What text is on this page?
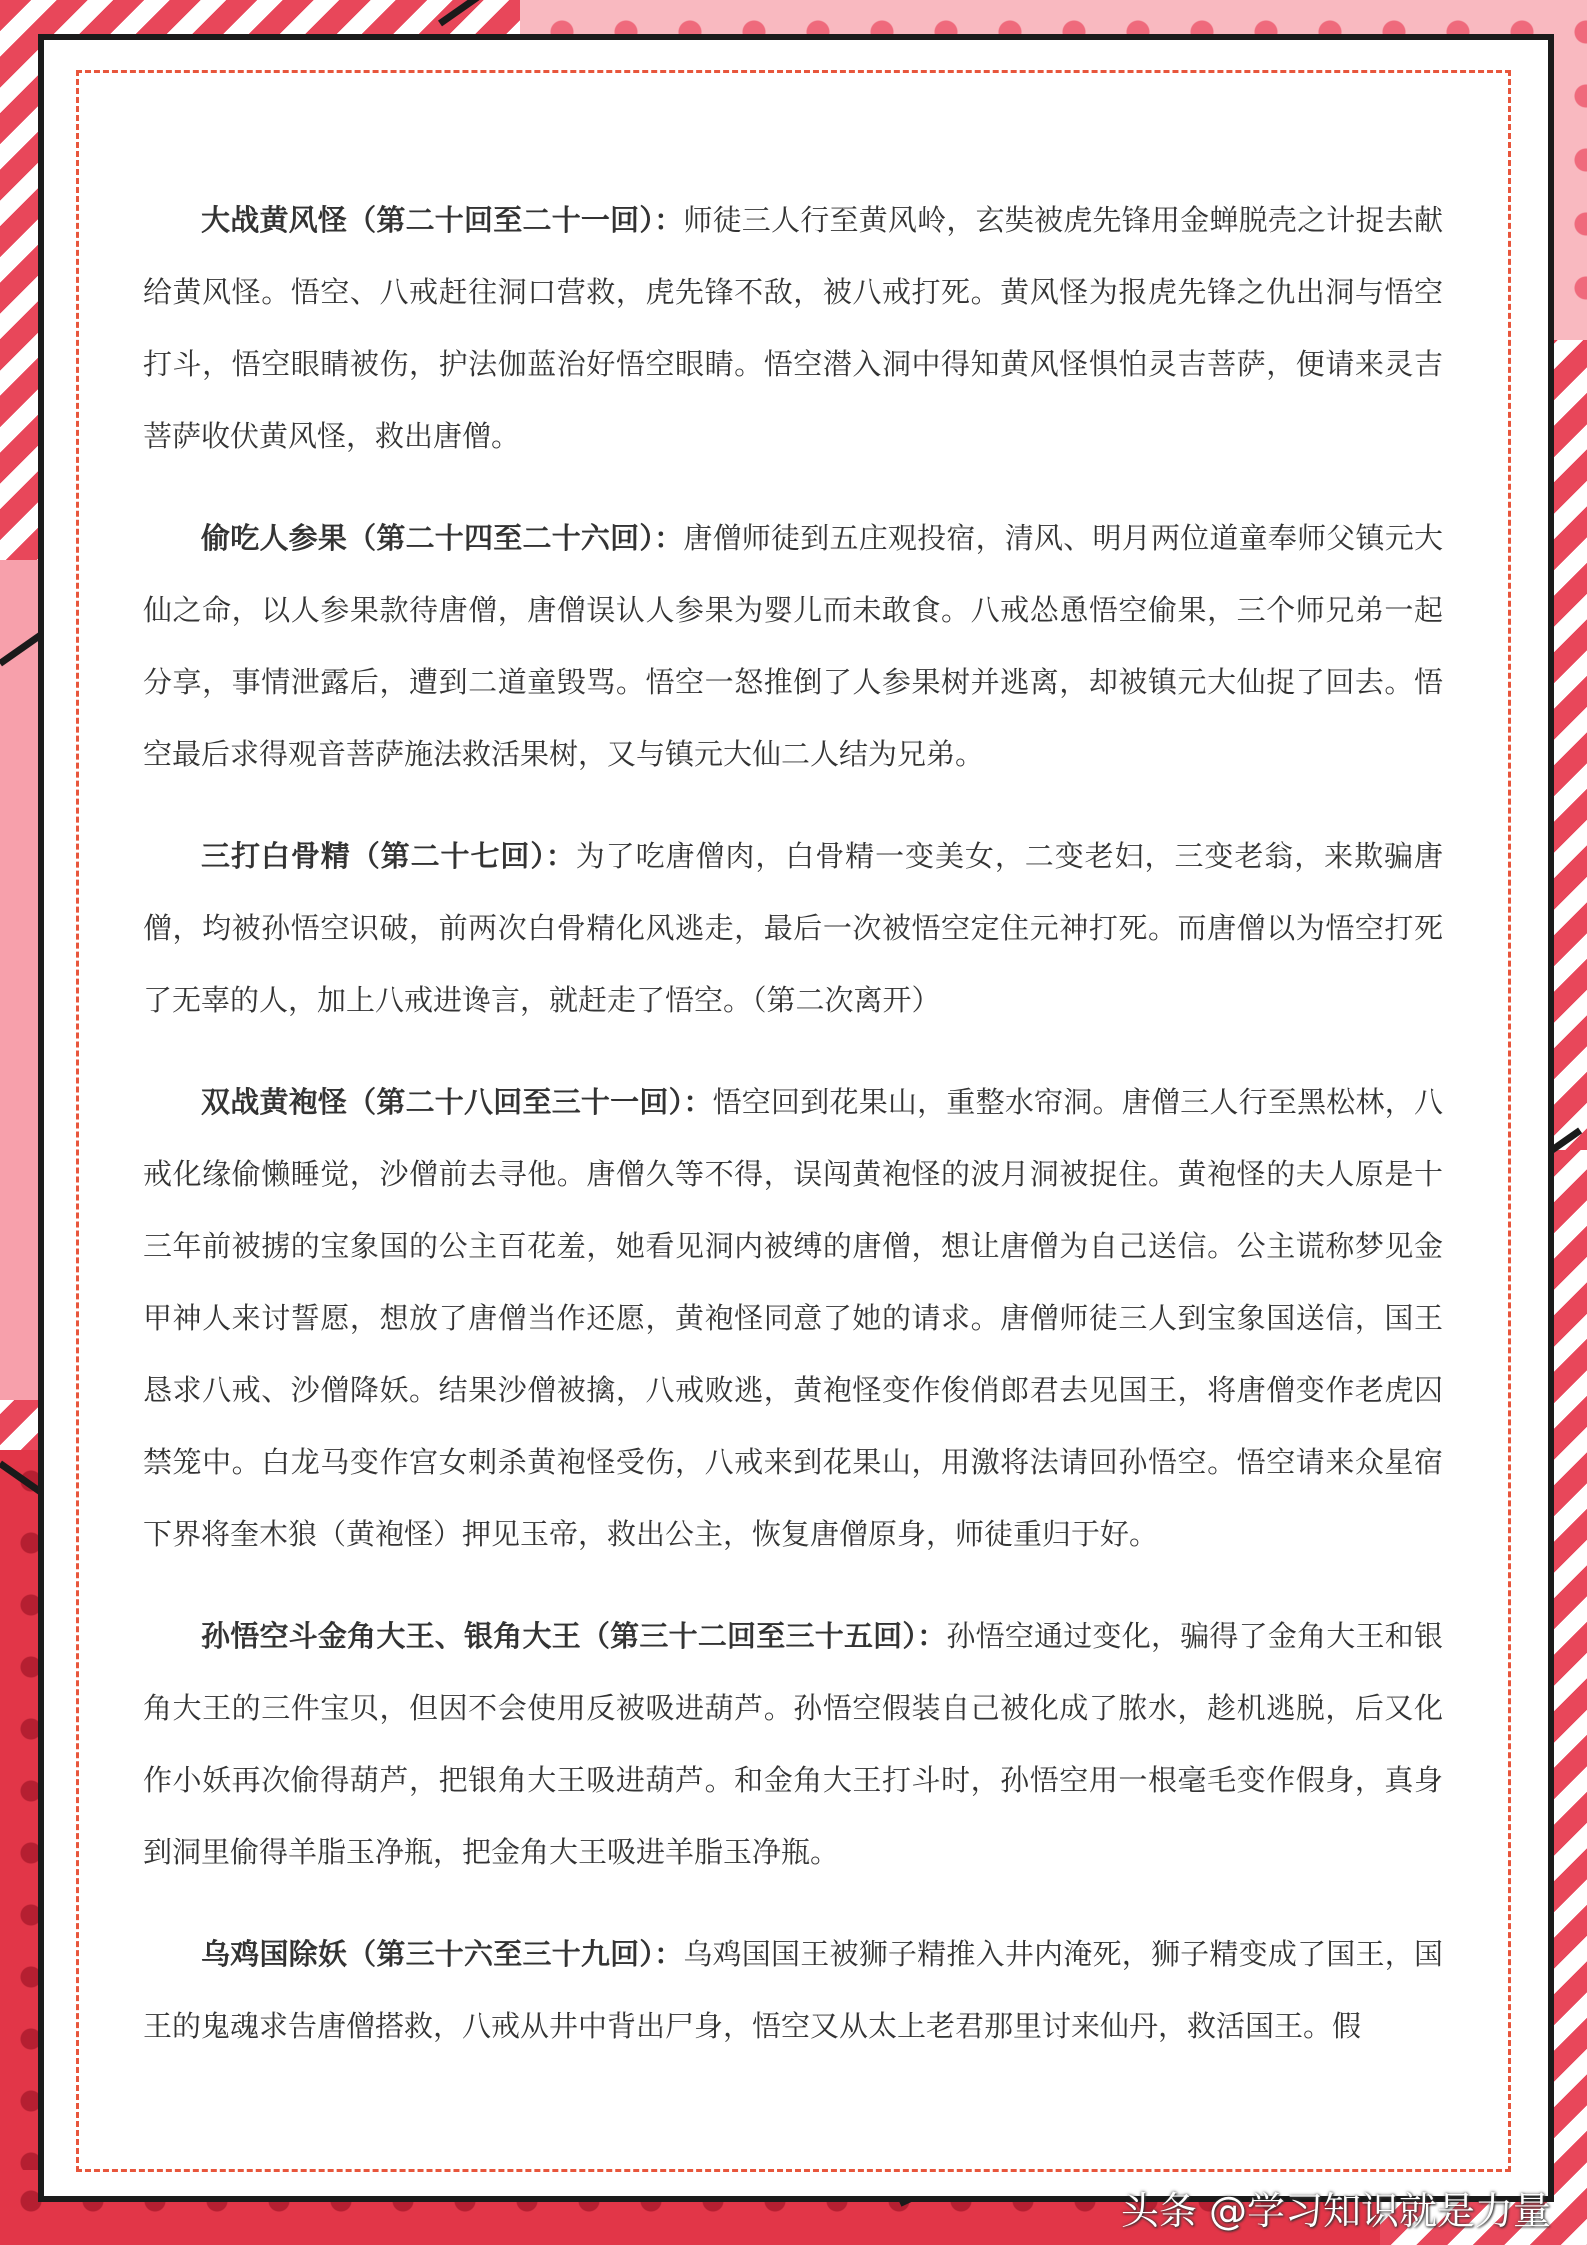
大战黄风怪（第二十回至二十一回）：师徒三人行至黄风岭，玄奘被虎先锋用金蝉脱壳之计捉去献给黄风怪。悟空、八戒赶往洞口营救，虎先锋不敌，被八戒打死。黄风怪为报虎先锋之仇出洞与悟空打斗，悟空眼睛被伤，护法伽蓝治好悟空眼睛。悟空潜入洞中得知黄风怪惧怕灵吉菩萨，便请来灵吉菩萨收伏黄风怪，救出唐僧。

偷吃人参果（第二十四至二十六回）：唐僧师徒到五庄观投宿，清风、明月两位道童奉师父镇元大仙之命，以人参果款待唐僧，唐僧误认人参果为婴儿而未敢食。八戒怂恿悟空偷果，三个师兄弟一起分享，事情泄露后，遭到二道童毁骂。悟空一怒推倒了人参果树并逃离，却被镇元大仙捉了回去。悟空最后求得观音菩萨施法救活果树，又与镇元大仙二人结为兄弟。

三打白骨精（第二十七回）：为了吃唐僧肉，白骨精一变美女，二变老妇，三变老翁，来欺骗唐僧，均被孙悟空识破，前两次白骨精化风逃走，最后一次被悟空定住元神打死。而唐僧以为悟空打死了无辜的人，加上八戒进谗言，就赶走了悟空。（第二次离开）

双战黄袍怪（第二十八回至三十一回）：悟空回到花果山，重整水帘洞。唐僧三人行至黑松林，八戒化缘偷懒睡觉，沙僧前去寻他。唐僧久等不得，误闯黄袍怪的波月洞被捉住。黄袍怪的夫人原是十三年前被掳的宝象国的公主百花羞，她看见洞内被缚的唐僧，想让唐僧为自己送信。公主谎称梦见金甲神人来讨誓愿，想放了唐僧当作还愿，黄袍怪同意了她的请求。唐僧师徒三人到宝象国送信，国王恳求八戒、沙僧降妖。结果沙僧被擒，八戒败逃，黄袍怪变作俊俏郎君去见国王，将唐僧变作老虎囚禁笼中。白龙马变作宫女刺杀黄袍怪受伤，八戒来到花果山，用激将法请回孙悟空。悟空请来众星宿下界将奎木狼（黄袍怪）押见玉帝，救出公主，恢复唐僧原身，师徒重归于好。

孙悟空斗金角大王、银角大王（第三十二回至三十五回）：孙悟空通过变化，骗得了金角大王和银角大王的三件宝贝，但因不会使用反被吸进葫芦。孙悟空假装自己被化成了脓水，趁机逃脱，后又化作小妖再次偷得葫芦，把银角大王吸进葫芦。和金角大王打斗时，孙悟空用一根毫毛变作假身，真身到洞里偷得羊脂玉净瓶，把金角大王吸进羊脂玉净瓶。

乌鸡国除妖（第三十六至三十九回）：乌鸡国国王被狮子精推入井内淹死，狮子精变成了国王，国王的鬼魂求告唐僧搭救，八戒从井中背出尸身，悟空又从太上老君那里讨来仙丹，救活国王。假

头条 @学习知识就是力量
